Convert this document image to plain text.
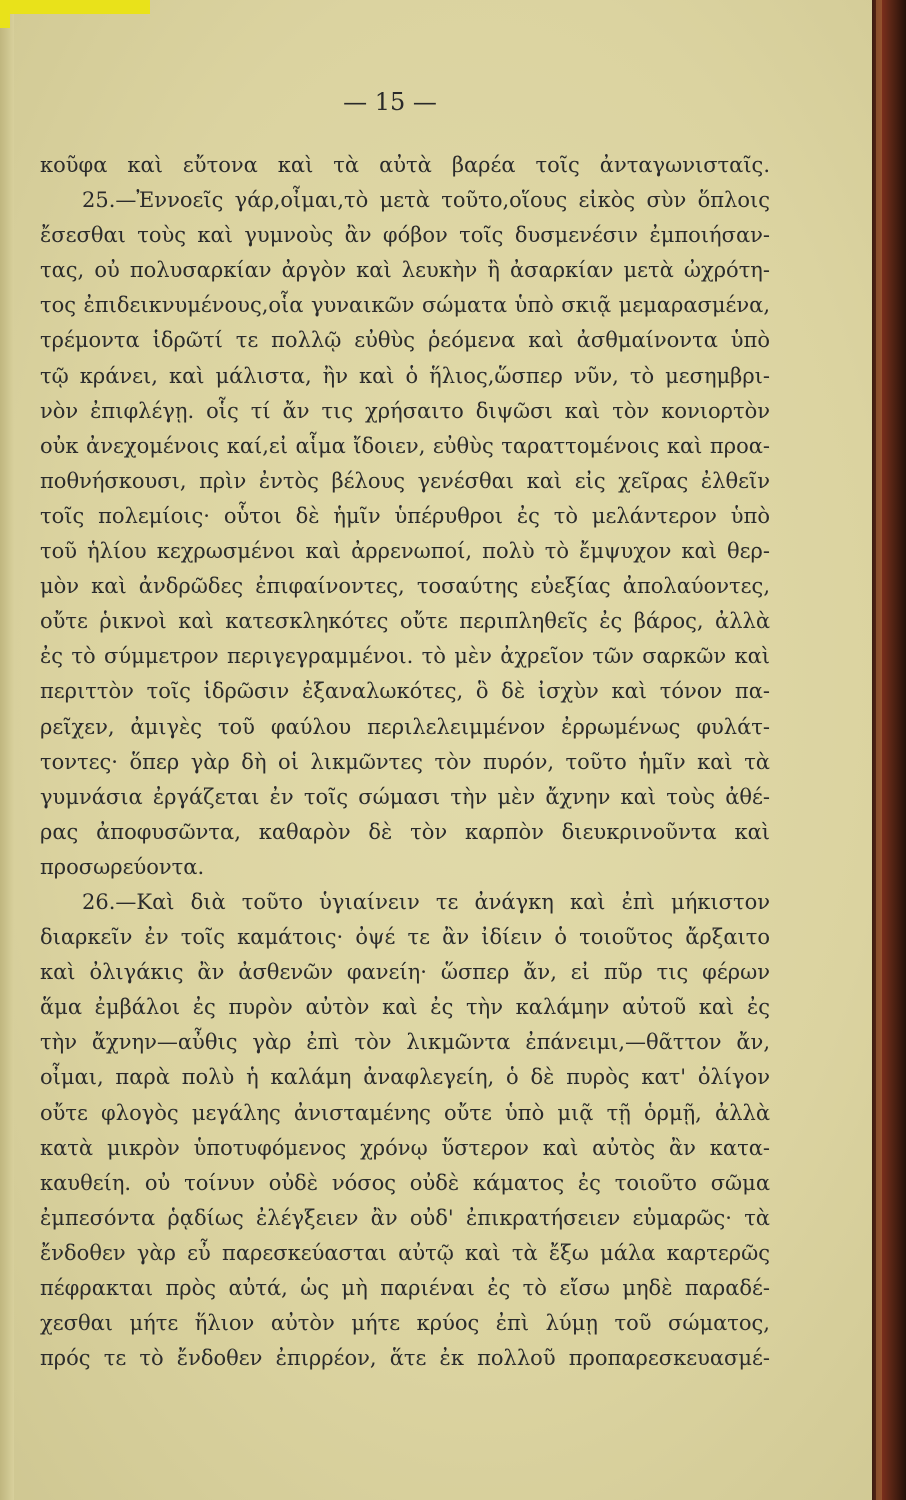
— 15 —
κοῦφα καὶ εὔτονα καὶ τὰ αὐτὰ βαρέα τοῖς ἀνταγωνισταῖς.
25.—Ἐννοεῖς γάρ,οἶμαι,τὸ μετὰ τοῦτο,οἵους εἰκὸς σὺν ὅπλοις
ἔσεσθαι τοὺς καὶ γυμνοὺς ἂν φόβον τοῖς δυσμενέσιν ἐμποιήσαν-
τας, οὐ πολυσαρκίαν ἀργὸν καὶ λευκὴν ἢ ἀσαρκίαν μετὰ ὠχρότη-
τος ἐπιδεικνυμένους,οἷα γυναικῶν σώματα ὑπὸ σκιᾷ μεμαρασμένα,
τρέμοντα ἱδρῶτί τε πολλῷ εὐθὺς ῥεόμενα καὶ ἀσθμαίνοντα ὑπὸ
τῷ κράνει, καὶ μάλιστα, ἢν καὶ ὁ ἥλιος,ὥσπερ νῦν, τὸ μεσημβρι-
νὸν ἐπιφλέγῃ. οἷς τί ἄν τις χρήσαιτο διψῶσι καὶ τὸν κονιορτὸν
οὐκ ἀνεχομένοις καί,εἰ αἷμα ἴδοιεν, εὐθὺς ταραττομένοις καὶ προα-
ποθνήσκουσι, πρὶν ἐντὸς βέλους γενέσθαι καὶ εἰς χεῖρας ἐλθεῖν
τοῖς πολεμίοις· οὗτοι δὲ ἡμῖν ὑπέρυθροι ἐς τὸ μελάντερον ὑπὸ
τοῦ ἡλίου κεχρωσμένοι καὶ ἀρρενωποί, πολὺ τὸ ἔμψυχον καὶ θερ-
μὸν καὶ ἀνδρῶδες ἐπιφαίνοντες, τοσαύτης εὐεξίας ἀπολαύοντες,
οὔτε ῥικνοὶ καὶ κατεσκληκότες οὔτε περιπληθεῖς ἐς βάρος, ἀλλὰ
ἐς τὸ σύμμετρον περιγεγραμμένοι. τὸ μὲν ἀχρεῖον τῶν σαρκῶν καὶ
περιττὸν τοῖς ἱδρῶσιν ἐξαναλωκότες, ὃ δὲ ἰσχὺν καὶ τόνον πα-
ρεῖχεν, ἀμιγὲς τοῦ φαύλου περιλελειμμένον ἐρρωμένως φυλάτ-
τοντες· ὅπερ γὰρ δὴ οἱ λικμῶντες τὸν πυρόν, τοῦτο ἡμῖν καὶ τὰ
γυμνάσια ἐργάζεται ἐν τοῖς σώμασι τὴν μὲν ἄχνην καὶ τοὺς ἀθέ-
ρας ἀποφυσῶντα, καθαρὸν δὲ τὸν καρπὸν διευκρινοῦντα καὶ
προσωρεύοντα.
26.—Καὶ διὰ τοῦτο ὑγιαίνειν τε ἀνάγκη καὶ ἐπὶ μήκιστον
διαρκεῖν ἐν τοῖς καμάτοις· ὀψέ τε ἂν ἰδίειν ὁ τοιοῦτος ἄρξαιτο
καὶ ὀλιγάκις ἂν ἀσθενῶν φανείη· ὥσπερ ἄν, εἰ πῦρ τις φέρων
ἅμα ἐμβάλοι ἐς πυρὸν αὐτὸν καὶ ἐς τὴν καλάμην αὐτοῦ καὶ ἐς
τὴν ἄχνην—αὖθις γὰρ ἐπὶ τὸν λικμῶντα ἐπάνειμι,—θᾶττον ἄν,
οἶμαι, παρὰ πολὺ ἡ καλάμη ἀναφλεγείη, ὁ δὲ πυρὸς κατ' ὀλίγον
οὔτε φλογὸς μεγάλης ἀνισταμένης οὔτε ὑπὸ μιᾷ τῇ ὁρμῇ, ἀλλὰ
κατὰ μικρὸν ὑποτυφόμενος χρόνῳ ὕστερον καὶ αὐτὸς ἂν κατα-
καυθείη. οὐ τοίνυν οὐδὲ νόσος οὐδὲ κάματος ἐς τοιοῦτο σῶμα
ἐμπεσόντα ῥᾳδίως ἐλέγξειεν ἂν οὐδ' ἐπικρατήσειεν εὐμαρῶς· τὰ
ἔνδοθεν γὰρ εὖ παρεσκεύασται αὐτῷ καὶ τὰ ἔξω μάλα καρτερῶς
πέφρακται πρὸς αὐτά, ὡς μὴ παριέναι ἐς τὸ εἴσω μηδὲ παραδέ-
χεσθαι μήτε ἥλιον αὐτὸν μήτε κρύος ἐπὶ λύμῃ τοῦ σώματος,
πρός τε τὸ ἔνδοθεν ἐπιρρέον, ἅτε ἐκ πολλοῦ προπαρεσκευασμέ-
